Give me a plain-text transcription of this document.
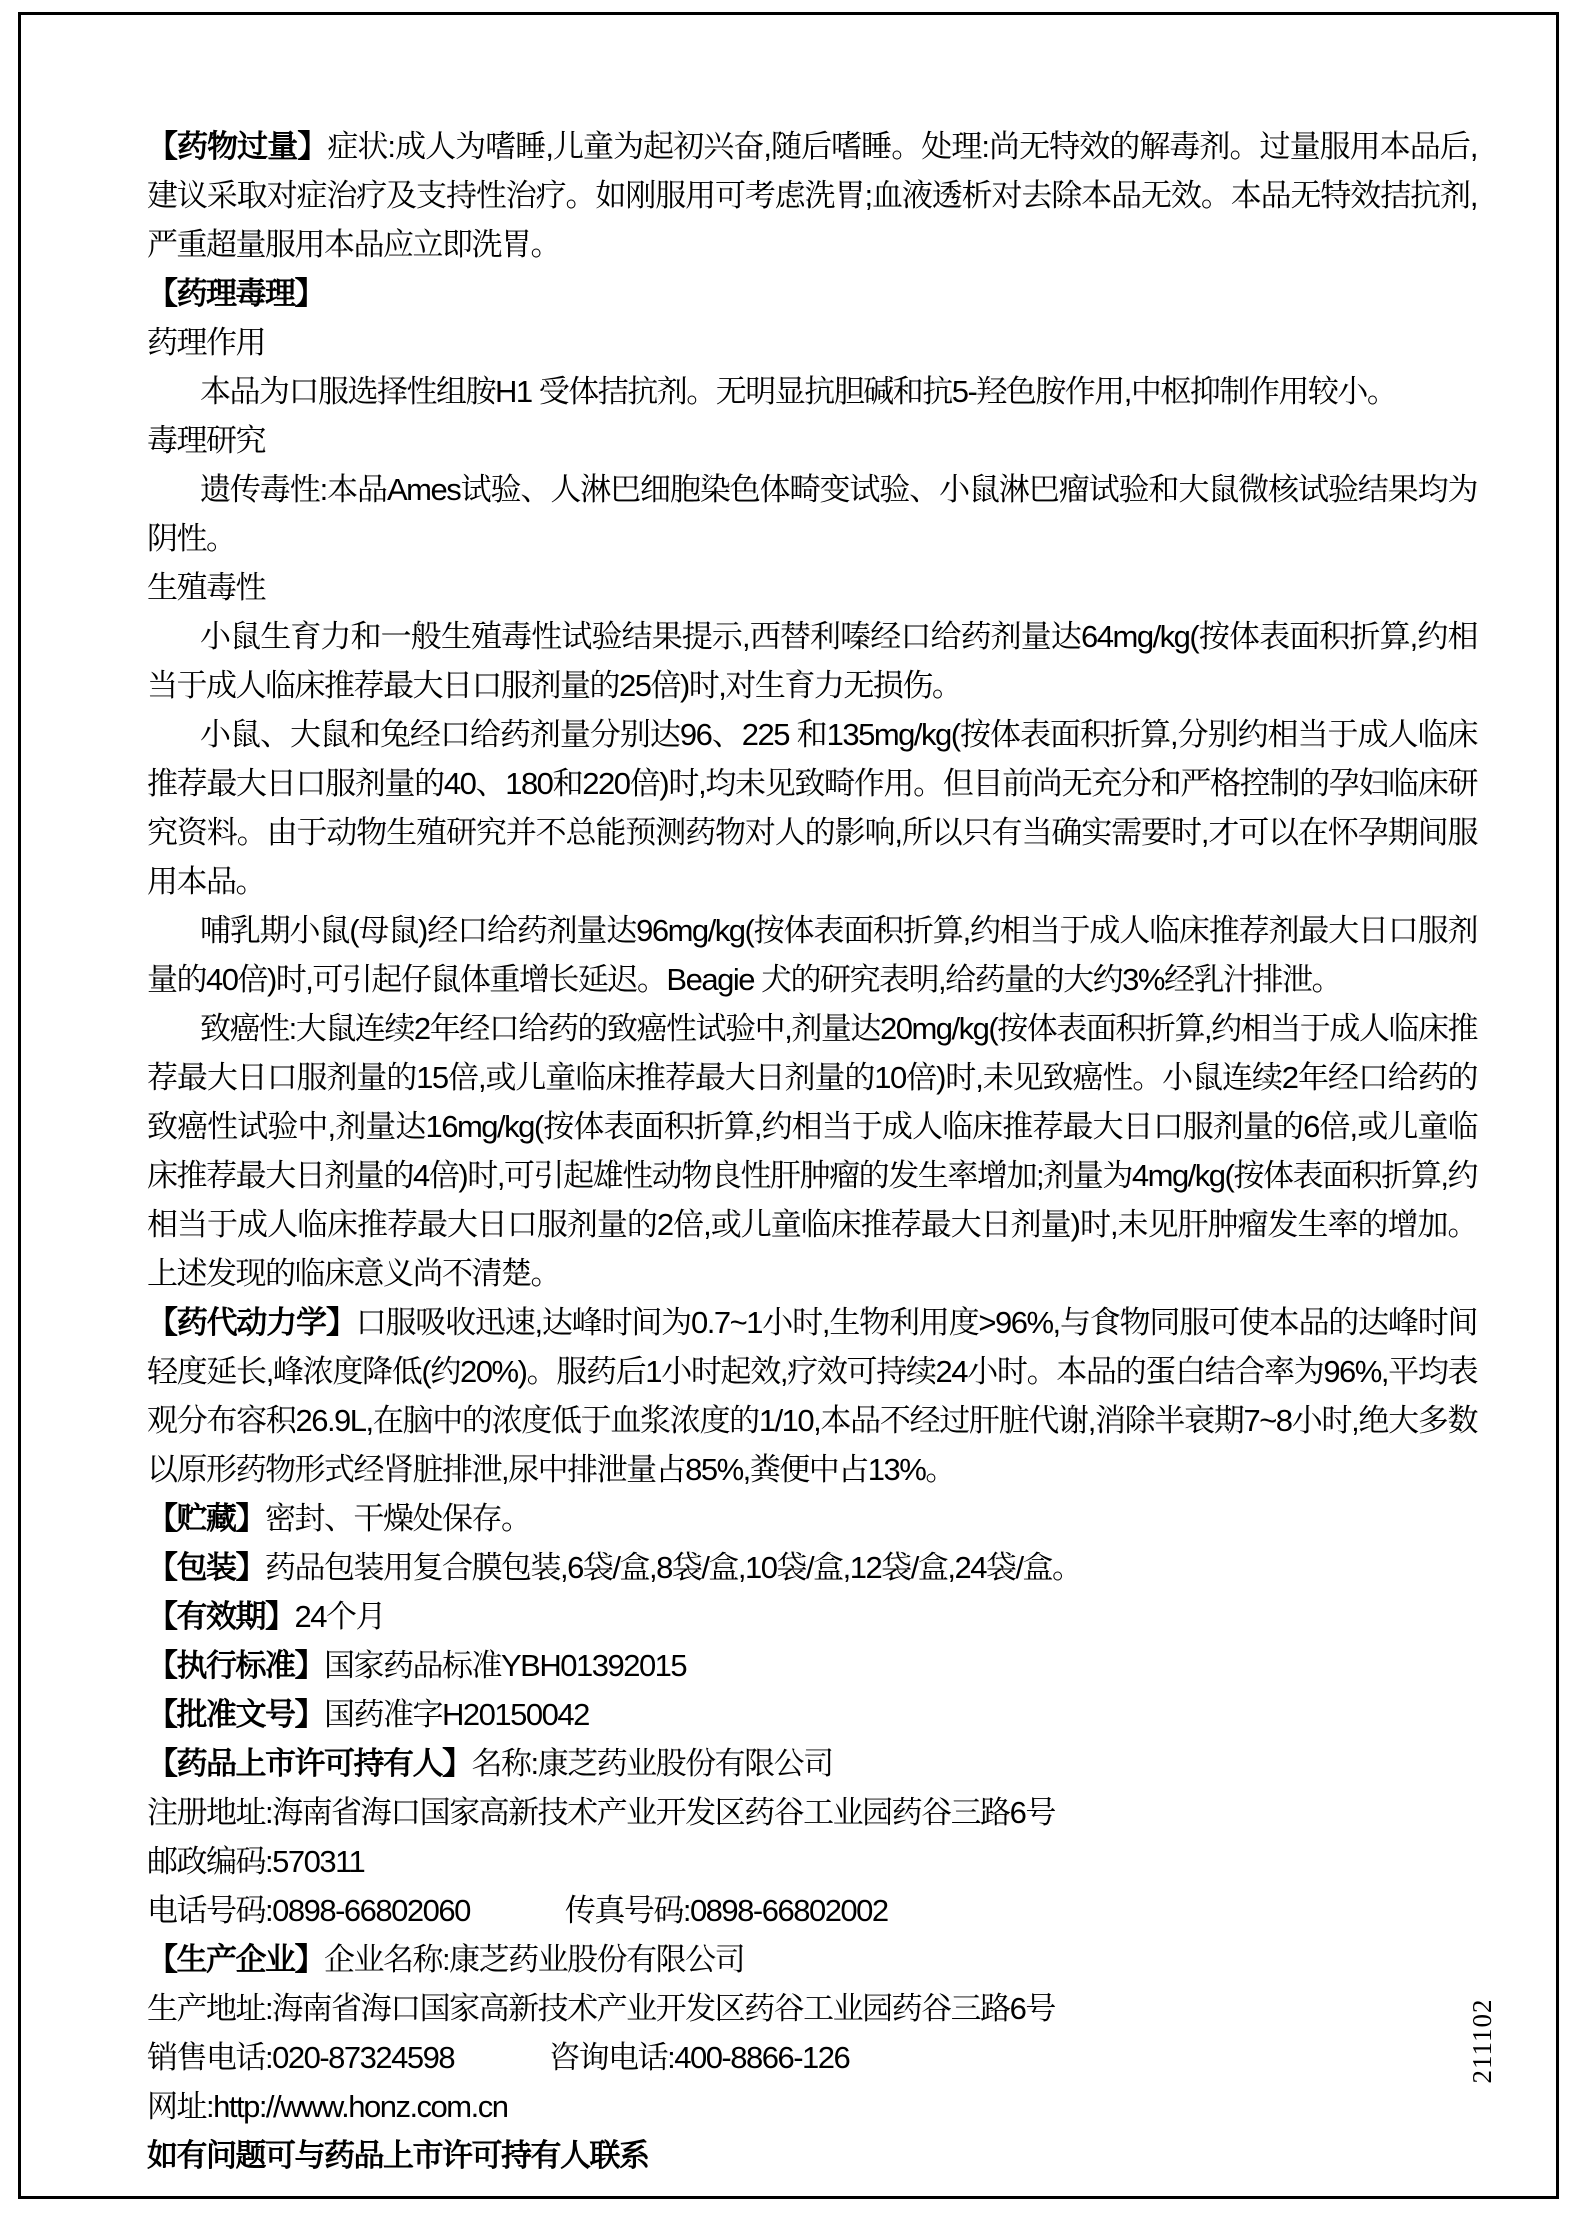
【药物过量】症状:成人为嗜睡,儿童为起初兴奋,随后嗜睡。处理:尚无特效的解毒剂。过量服用本品后,建议采取对症治疗及支持性治疗。如刚服用可考虑洗胃;血液透析对去除本品无效。本品无特效拮抗剂,严重超量服用本品应立即洗胃。

【药理毒理】

药理作用

本品为口服选择性组胺H1 受体拮抗剂。无明显抗胆碱和抗5-羟色胺作用,中枢抑制作用较小。

毒理研究

遗传毒性:本品Ames试验、人淋巴细胞染色体畸变试验、小鼠淋巴瘤试验和大鼠微核试验结果均为阴性。

生殖毒性

小鼠生育力和一般生殖毒性试验结果提示,西替利嗪经口给药剂量达64mg/kg(按体表面积折算,约相当于成人临床推荐最大日口服剂量的25倍)时,对生育力无损伤。

小鼠、大鼠和兔经口给药剂量分别达96、225 和135mg/kg(按体表面积折算,分别约相当于成人临床推荐最大日口服剂量的40、180和220倍)时,均未见致畸作用。但目前尚无充分和严格控制的孕妇临床研究资料。由于动物生殖研究并不总能预测药物对人的影响,所以只有当确实需要时,才可以在怀孕期间服用本品。

哺乳期小鼠(母鼠)经口给药剂量达96mg/kg(按体表面积折算,约相当于成人临床推荐剂最大日口服剂量的40倍)时,可引起仔鼠体重增长延迟。Beagie 犬的研究表明,给药量的大约3%经乳汁排泄。

致癌性:大鼠连续2年经口给药的致癌性试验中,剂量达20mg/kg(按体表面积折算,约相当于成人临床推荐最大日口服剂量的15倍,或儿童临床推荐最大日剂量的10倍)时,未见致癌性。小鼠连续2年经口给药的致癌性试验中,剂量达16mg/kg(按体表面积折算,约相当于成人临床推荐最大日口服剂量的6倍,或儿童临床推荐最大日剂量的4倍)时,可引起雄性动物良性肝肿瘤的发生率增加;剂量为4mg/kg(按体表面积折算,约相当于成人临床推荐最大日口服剂量的2倍,或儿童临床推荐最大日剂量)时,未见肝肿瘤发生率的增加。上述发现的临床意义尚不清楚。

【药代动力学】口服吸收迅速,达峰时间为0.7~1小时,生物利用度>96%,与食物同服可使本品的达峰时间轻度延长,峰浓度降低(约20%)。服药后1小时起效,疗效可持续24小时。本品的蛋白结合率为96%,平均表观分布容积26.9L,在脑中的浓度低于血浆浓度的1/10,本品不经过肝脏代谢,消除半衰期7~8小时,绝大多数以原形药物形式经肾脏排泄,尿中排泄量占85%,粪便中占13%。

【贮藏】密封、干燥处保存。

【包装】药品包装用复合膜包装,6袋/盒,8袋/盒,10袋/盒,12袋/盒,24袋/盒。

【有效期】24个月

【执行标准】国家药品标准YBH01392015

【批准文号】国药准字H20150042

【药品上市许可持有人】名称:康芝药业股份有限公司

注册地址:海南省海口国家高新技术产业开发区药谷工业园药谷三路6号

邮政编码:570311

电话号码:0898-66802060	传真号码:0898-66802002

【生产企业】企业名称:康芝药业股份有限公司

生产地址:海南省海口国家高新技术产业开发区药谷工业园药谷三路6号

销售电话:020-87324598	咨询电话:400-8866-126

网址:http://www.honz.com.cn

如有问题可与药品上市许可持有人联系

211102
